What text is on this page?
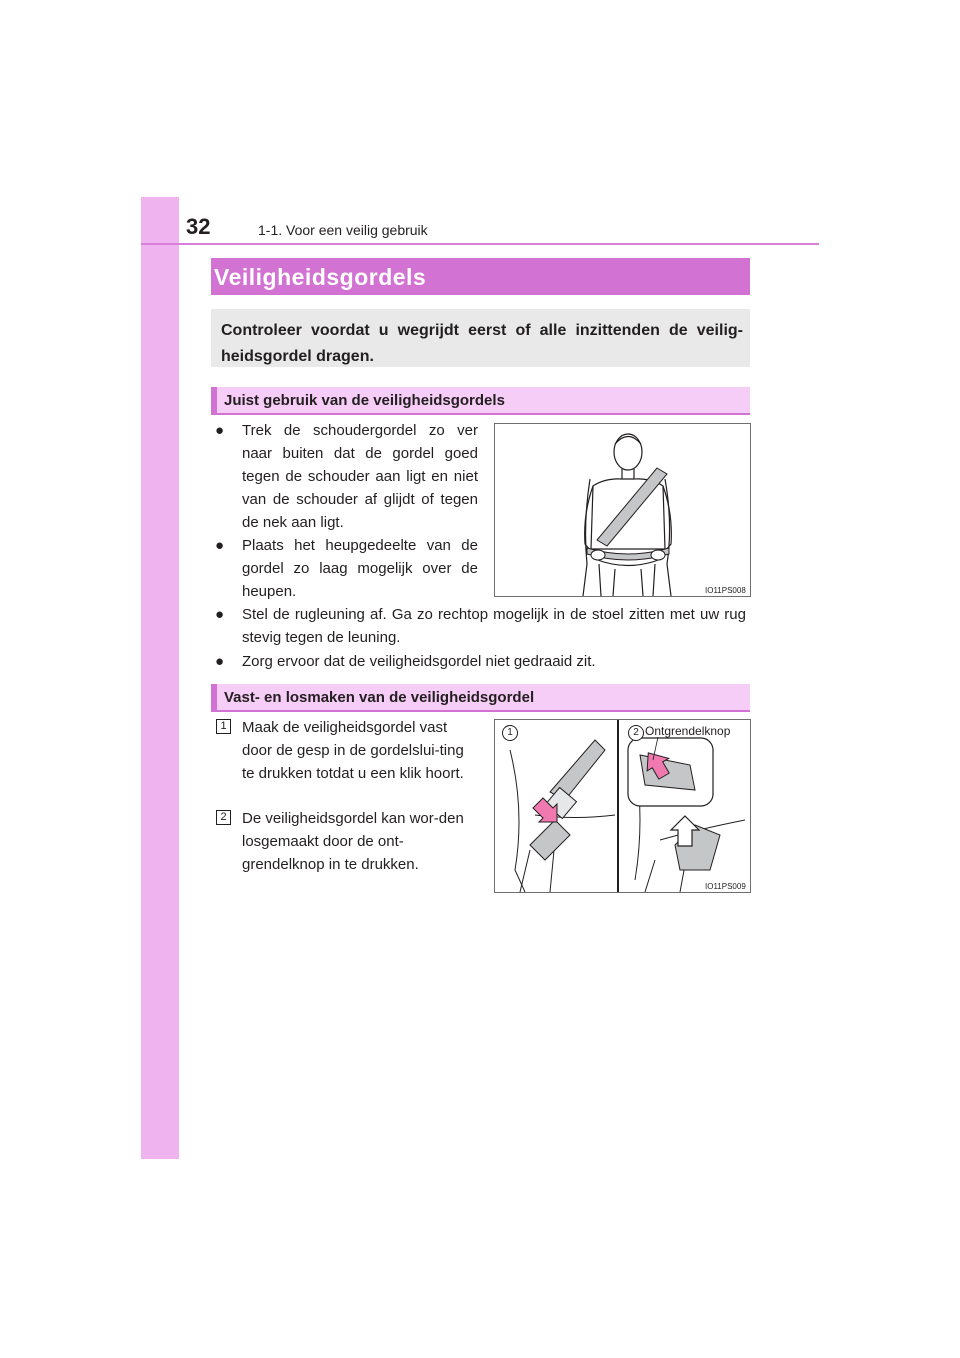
32	1-1. Voor een veilig gebruik
Veiligheidsgordels
Controleer voordat u wegrijdt eerst of alle inzittenden de veilig-heidsgordel dragen.
Juist gebruik van de veiligheidsgordels
● Trek de schoudergordel zo ver naar buiten dat de gordel goed tegen de schouder aan ligt en niet van de schouder af glijdt of tegen de nek aan ligt.
● Plaats het heupgedeelte van de gordel zo laag mogelijk over de heupen.
● Stel de rugleuning af. Ga zo rechtop mogelijk in de stoel zitten met uw rug stevig tegen de leuning.
● Zorg ervoor dat de veiligheidsgordel niet gedraaid zit.
IO11PS008
Vast- en losmaken van de veiligheidsgordel
1 Maak de veiligheidsgordel vast door de gesp in de gordelslui-ting te drukken totdat u een klik hoort.
2 De veiligheidsgordel kan wor-den losgemaakt door de ont-grendelknop in te drukken.
1	2 Ontgrendelknop
IO11PS009
